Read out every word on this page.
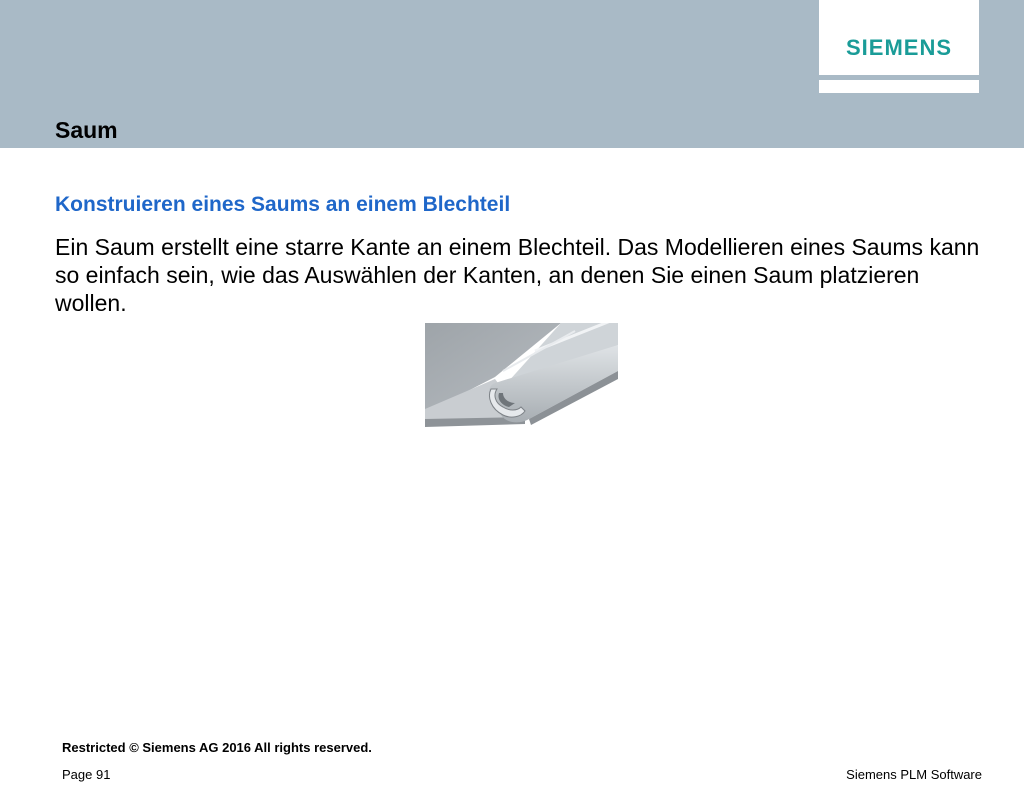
SIEMENS
Saum
Konstruieren eines Saums an einem Blechteil

Ein Saum erstellt eine starre Kante an einem Blechteil. Das Modellieren eines Saums kann so einfach sein, wie das Auswählen der Kanten, an denen Sie einen Saum platzieren wollen.

Restricted © Siemens AG 2016 All rights reserved.
Page 91	Siemens PLM Software
